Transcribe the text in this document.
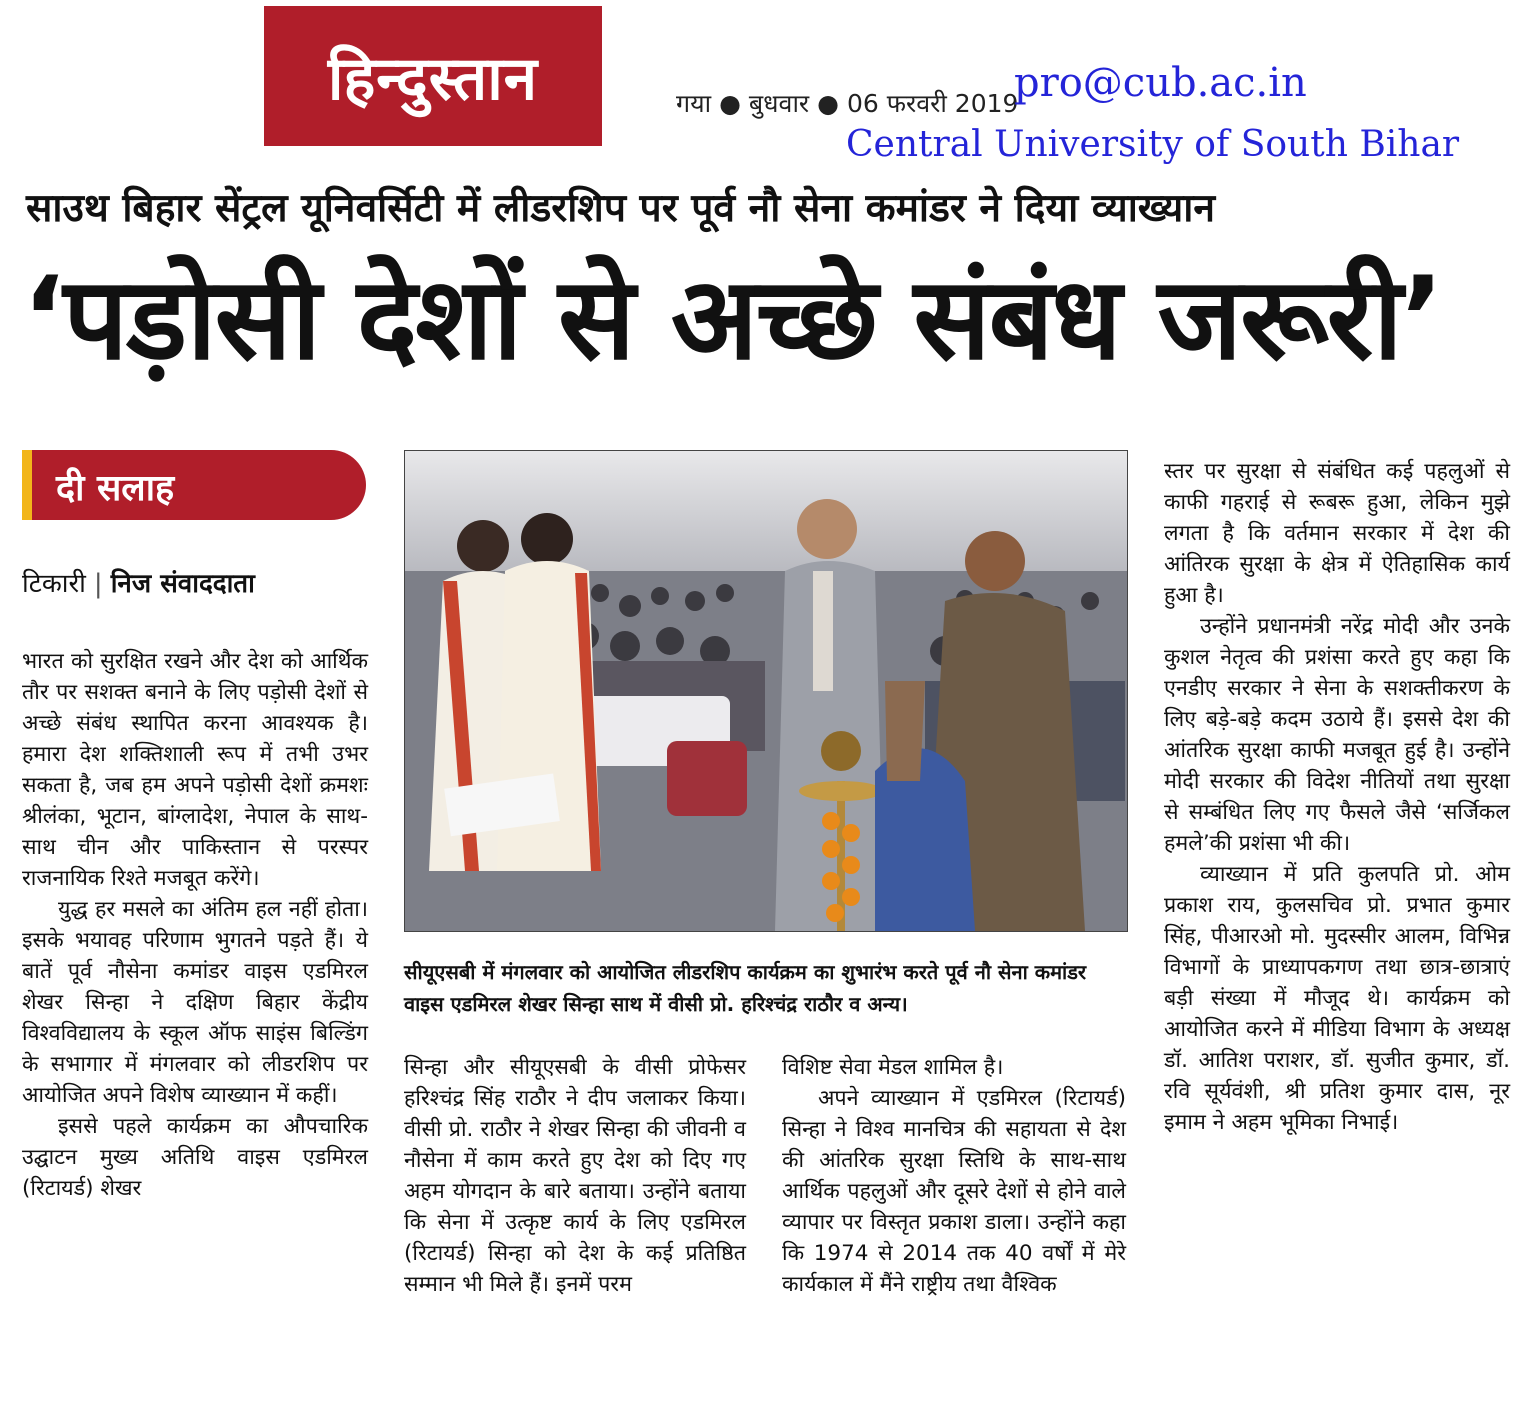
हिन्दुस्तान	गया ● बुधवार ● 06 फरवरी 2019
pro@cub.ac.in
Central University of South Bihar
साउथ बिहार सेंट्रल यूनिवर्सिटी में लीडरशिप पर पूर्व नौ सेना कमांडर ने दिया व्याख्यान
‘पड़ोसी देशों से अच्छे संबंध जरूरी’
दी सलाह
टिकारी | निज संवाददाता

भारत को सुरक्षित रखने और देश को आर्थिक तौर पर सशक्त बनाने के लिए पड़ोसी देशों से अच्छे संबंध स्थापित करना आवश्यक है। हमारा देश शक्तिशाली रूप में तभी उभर सकता है, जब हम अपने पड़ोसी देशों क्रमशः श्रीलंका, भूटान, बांग्लादेश, नेपाल के साथ-साथ चीन और पाकिस्तान से परस्पर राजनायिक रिश्ते मजबूत करेंगे।

युद्ध हर मसले का अंतिम हल नहीं होता। इसके भयावह परिणाम भुगतने पड़ते हैं। ये बातें पूर्व नौसेना कमांडर वाइस एडमिरल शेखर सिन्हा ने दक्षिण बिहार केंद्रीय विश्वविद्यालय के स्कूल ऑफ साइंस बिल्डिंग के सभागार में मंगलवार को लीडरशिप पर आयोजित अपने विशेष व्याख्यान में कहीं।

इससे पहले कार्यक्रम का औपचारिक उद्घाटन मुख्य अतिथि वाइस एडमिरल (रिटायर्ड) शेखर

सीयूएसबी में मंगलवार को आयोजित लीडरशिप कार्यक्रम का शुभारंभ करते पूर्व नौ सेना कमांडर वाइस एडमिरल शेखर सिन्हा साथ में वीसी प्रो. हरिश्चंद्र राठौर व अन्य।

सिन्हा और सीयूएसबी के वीसी प्रोफेसर हरिश्चंद्र सिंह राठौर ने दीप जलाकर किया। वीसी प्रो. राठौर ने शेखर सिन्हा की जीवनी व नौसेना में काम करते हुए देश को दिए गए अहम योगदान के बारे बताया। उन्होंने बताया कि सेना में उत्कृष्ट कार्य के लिए एडमिरल (रिटायर्ड) सिन्हा को देश के कई प्रतिष्ठित सम्मान भी मिले हैं। इनमें परम

विशिष्ट सेवा मेडल शामिल है।

अपने व्याख्यान में एडमिरल (रिटायर्ड) सिन्हा ने विश्व मानचित्र की सहायता से देश की आंतरिक सुरक्षा स्तिथि के साथ-साथ आर्थिक पहलुओं और दूसरे देशों से होने वाले व्यापार पर विस्तृत प्रकाश डाला। उन्होंने कहा कि 1974 से 2014 तक 40 वर्षों में मेरे कार्यकाल में मैंने राष्ट्रीय तथा वैश्विक

स्तर पर सुरक्षा से संबंधित कई पहलुओं से काफी गहराई से रूबरू हुआ, लेकिन मुझे लगता है कि वर्तमान सरकार में देश की आंतिरक सुरक्षा के क्षेत्र में ऐतिहासिक कार्य हुआ है।

उन्होंने प्रधानमंत्री नरेंद्र मोदी और उनके कुशल नेतृत्व की प्रशंसा करते हुए कहा कि एनडीए सरकार ने सेना के सशक्तीकरण के लिए बड़े-बड़े कदम उठाये हैं। इससे देश की आंतरिक सुरक्षा काफी मजबूत हुई है। उन्होंने मोदी सरकार की विदेश नीतियों तथा सुरक्षा से सम्बंधित लिए गए फैसले जैसे ‘सर्जिकल हमले’की प्रशंसा भी की।

व्याख्यान में प्रति कुलपति प्रो. ओम प्रकाश राय, कुलसचिव प्रो. प्रभात कुमार सिंह, पीआरओ मो. मुदस्सीर आलम, विभिन्न विभागों के प्राध्यापकगण तथा छात्र-छात्राएं बड़ी संख्या में मौजूद थे। कार्यक्रम को आयोजित करने में मीडिया विभाग के अध्यक्ष डॉ. आतिश पराशर, डॉ. सुजीत कुमार, डॉ. रवि सूर्यवंशी, श्री प्रतिश कुमार दास, नूर इमाम ने अहम भूमिका निभाई।
